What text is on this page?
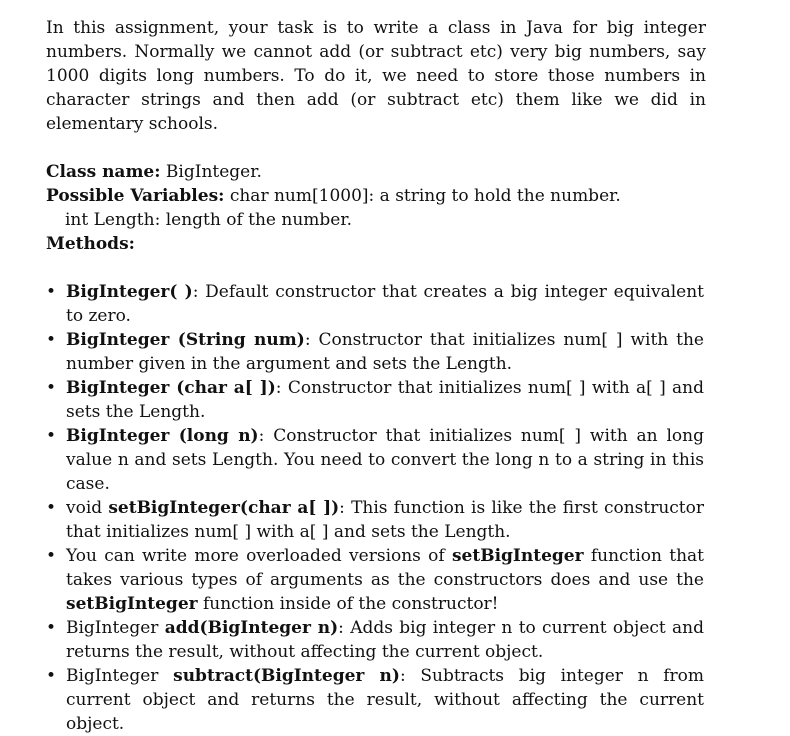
In this assignment, your task is to write a class in Java for big integer numbers. Normally we cannot add (or subtract etc) very big numbers, say 1000 digits long numbers. To do it, we need to store those numbers in character strings and then add (or subtract etc) them like we did in elementary schools.

Class name: BigInteger.

Possible Variables: char num[1000]: a string to hold the number.

int Length: length of the number.

Methods:

• BigInteger( ): Default constructor that creates a big integer equivalent to zero.
• BigInteger (String num): Constructor that initializes num[ ] with the number given in the argument and sets the Length.
• BigInteger (char a[ ]): Constructor that initializes num[ ] with a[ ] and sets the Length.
• BigInteger (long n): Constructor that initializes num[ ] with an long value n and sets Length. You need to convert the long n to a string in this case.
• void setBigInteger(char a[ ]): This function is like the first constructor that initializes num[ ] with a[ ] and sets the Length.
• You can write more overloaded versions of setBigInteger function that takes various types of arguments as the constructors does and use the setBigInteger function inside of the constructor!
• BigInteger add(BigInteger n): Adds big integer n to current object and returns the result, without affecting the current object.
• BigInteger subtract(BigInteger n): Subtracts big integer n from current object and returns the result, without affecting the current object.
